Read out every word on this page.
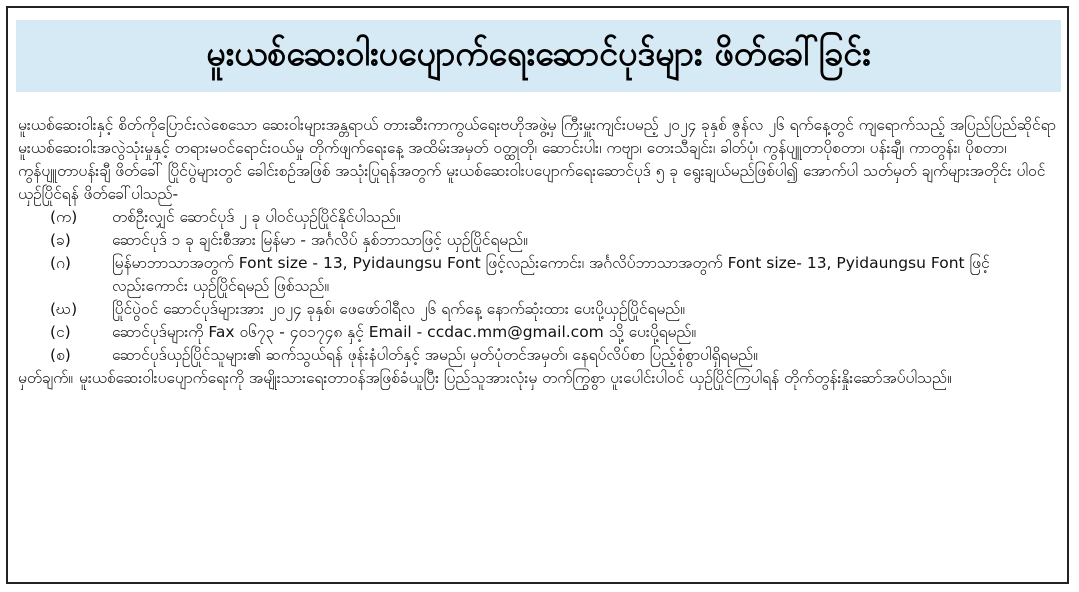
မူးယစ်ဆေးဝါးပပျောက်ရေးဆောင်ပုဒ်များ ဖိတ်ခေါ်ခြင်း

မူးယစ်ဆေးဝါးနှင့် စိတ်ကိုပြောင်းလဲစေသော ဆေးဝါးများအန္တရာယ် တားဆီးကာကွယ်ရေးဗဟိုအဖွဲ့မှ ကြီးမှူးကျင်းပမည့် ၂၀၂၄ ခုနှစ် ဇွန်လ ၂၆ ရက်နေ့တွင် ကျရောက်သည့် အပြည်ပြည်ဆိုင်ရာ မူးယစ်ဆေးဝါးအလွဲသုံးမှုနှင့် တရားမဝင်ရောင်းဝယ်မှု တိုက်ဖျက်ရေးနေ့ အထိမ်းအမှတ် ဝတ္ထုတို၊ ဆောင်းပါး၊ ကဗျာ၊ တေးသီချင်း၊ ခါတ်ပုံ၊ ကွန်ပျူတာပိုစတာ၊ ပန်းချီ၊ ကာတွန်း၊ ပိုစတာ၊ ကွန်ပျူတာပန်းချီ ဖိတ်ခေါ် ပြိုင်ပွဲများတွင် ခေါင်းစဉ်အဖြစ် အသုံးပြုရန်အတွက် မူးယစ်ဆေးဝါးပပျောက်ရေးဆောင်ပုဒ် ၅ ခု ရွေးချယ်မည်ဖြစ်ပါ၍ အောက်ပါ သတ်မှတ် ချက်များအတိုင်း ပါဝင်ယှဉ်ပြိုင်ရန် ဖိတ်ခေါ်ပါသည်-

(က)	တစ်ဦးလျှင် ဆောင်ပုဒ် ၂ ခု ပါဝင်ယှဉ်ပြိုင်နိုင်ပါသည်။
(ခ)	ဆောင်ပုဒ် ၁ ခု ချင်းစီအား မြန်မာ - အင်္ဂလိပ် နှစ်ဘာသာဖြင့် ယှဉ်ပြိုင်ရမည်။
(ဂ)	မြန်မာဘာသာအတွက် Font size - 13, Pyidaungsu Font ဖြင့်လည်းကောင်း၊ အင်္ဂလိပ်ဘာသာအတွက် Font size- 13, Pyidaungsu Font ဖြင့်လည်းကောင်း ယှဉ်ပြိုင်ရမည် ဖြစ်သည်။
(ဃ)	ပြိုင်ပွဲဝင် ဆောင်ပုဒ်များအား ၂၀၂၄ ခုနှစ်၊ ဖေဖော်ဝါရီလ ၂၆ ရက်နေ့ နောက်ဆုံးထား ပေးပို့ယှဉ်ပြိုင်ရမည်။
(င)	ဆောင်ပုဒ်များကို Fax ၀၆၇၃ - ၄၀၁၇၄၈ နှင့် Email - ccdac.mm@gmail.com သို့ ပေးပို့ရမည်။
(စ)	ဆောင်ပုဒ်ယှဉ်ပြိုင်သူများ၏ ဆက်သွယ်ရန် ဖုန်းနံပါတ်နှင့် အမည်၊ မှတ်ပုံတင်အမှတ်၊ နေရပ်လိပ်စာ ပြည့်စုံစွာပါရှိရမည်။

မှတ်ချက်။ မူးယစ်ဆေးဝါးပပျောက်ရေးကို အမျိုးသားရေးတာဝန်အဖြစ်ခံယူပြီး ပြည်သူအားလုံးမှ တက်ကြွစွာ ပူးပေါင်းပါဝင် ယှဉ်ပြိုင်ကြပါရန် တိုက်တွန်းနှိုးဆော်အပ်ပါသည်။
